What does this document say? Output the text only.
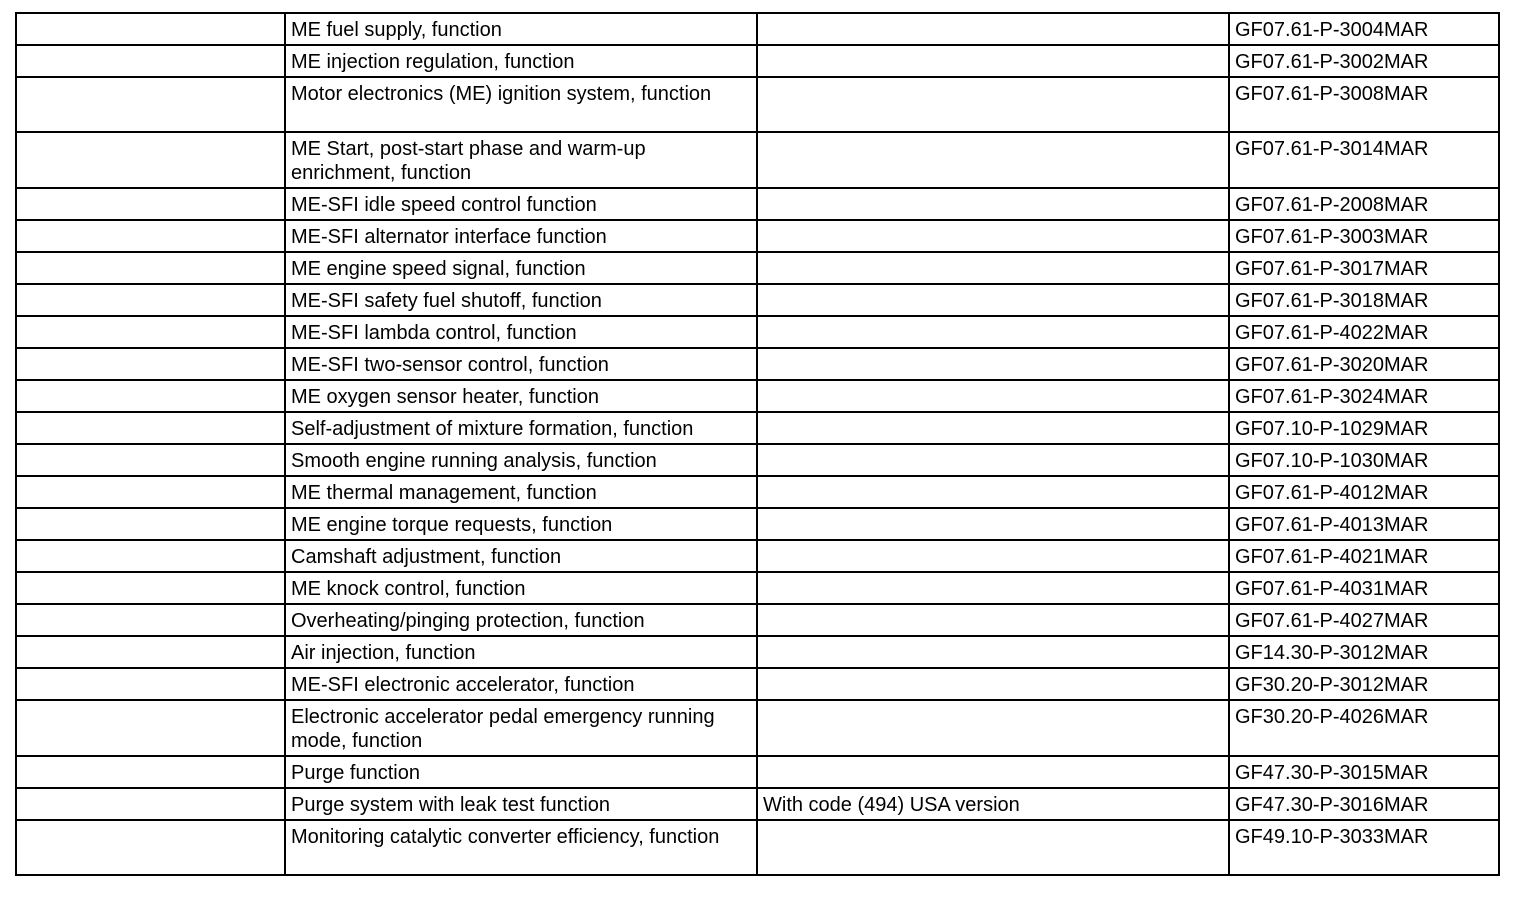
	ME fuel supply, function		GF07.61-P-3004MAR
	ME injection regulation, function		GF07.61-P-3002MAR
	Motor electronics (ME) ignition system, function		GF07.61-P-3008MAR
	ME Start, post-start phase and warm-up enrichment, function		GF07.61-P-3014MAR
	ME-SFI idle speed control function		GF07.61-P-2008MAR
	ME-SFI alternator interface function		GF07.61-P-3003MAR
	ME engine speed signal, function		GF07.61-P-3017MAR
	ME-SFI safety fuel shutoff, function		GF07.61-P-3018MAR
	ME-SFI lambda control, function		GF07.61-P-4022MAR
	ME-SFI two-sensor control, function		GF07.61-P-3020MAR
	ME oxygen sensor heater, function		GF07.61-P-3024MAR
	Self-adjustment of mixture formation, function		GF07.10-P-1029MAR
	Smooth engine running analysis, function		GF07.10-P-1030MAR
	ME thermal management, function		GF07.61-P-4012MAR
	ME engine torque requests, function		GF07.61-P-4013MAR
	Camshaft adjustment, function		GF07.61-P-4021MAR
	ME knock control, function		GF07.61-P-4031MAR
	Overheating/pinging protection, function		GF07.61-P-4027MAR
	Air injection, function		GF14.30-P-3012MAR
	ME-SFI electronic accelerator, function		GF30.20-P-3012MAR
	Electronic accelerator pedal emergency running mode, function		GF30.20-P-4026MAR
	Purge function		GF47.30-P-3015MAR
	Purge system with leak test function	With code (494) USA version	GF47.30-P-3016MAR
	Monitoring catalytic converter efficiency, function		GF49.10-P-3033MAR
